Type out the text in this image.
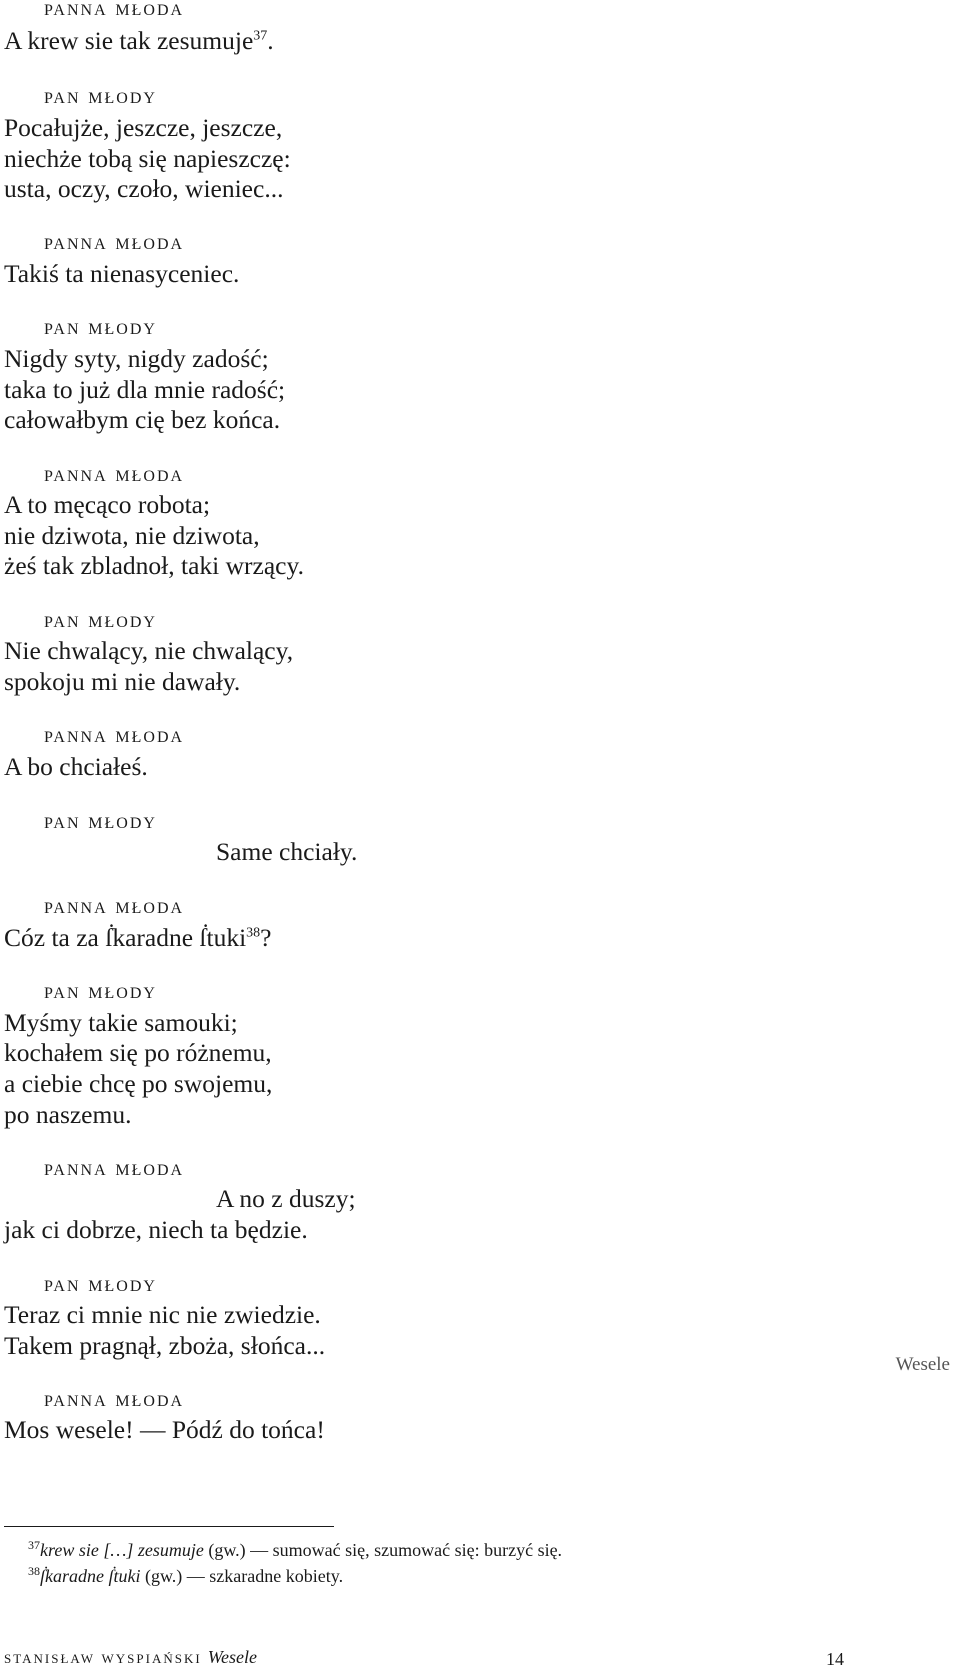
panna młoda
A krew sie tak zesumuje$^{37}$.
pan młody
Pocałujże, jeszcze, jeszcze,
niechże tobą się napieszczę:
usta, oczy, czoło, wieniec...
panna młoda
Takiś ta nienasyceniec.
pan młody
Nigdy syty, nigdy zadość;
taka to już dla mnie radość;
całowałbym cię bez końca.
panna młoda
A to męcąco robota;
nie dziwota, nie dziwota,
żeś tak zbladnoł, taki wrzący.
pan młody
Nie chwalący, nie chwalący,
spokoju mi nie dawały.
panna młoda
A bo chciałeś.
pan młody
Same chciały.
panna młoda
Cóz ta za ẛkaradne ẛtuki$^{38}$?
pan młody
Myśmy takie samouki;
kochałem się po różnemu,
a ciebie chcę po swojemu,
po naszemu.
panna młoda
A no z duszy;
jak ci dobrze, niech ta będzie.
pan młody
Teraz ci mnie nic nie zwiedzie.
Takem pragnął, zboża, słońca...
panna młoda
Mos wesele! — Pódź do tońca!
Wesele
$^{37}$krew sie […] zesumuje (gw.) — sumować się, szumować się: burzyć się.
$^{38}$ẛkaradne ẛtuki (gw.) — szkaradne kobiety.
stanisław wyspiański Wesele	14
